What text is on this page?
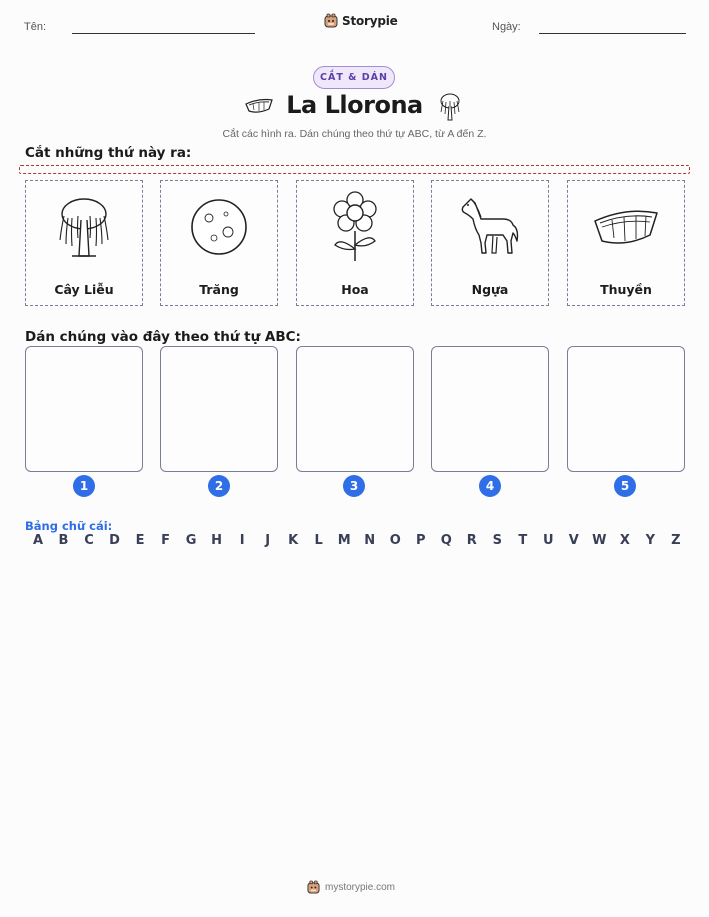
Tên:	Storypie	Ngày:
CẮT & DÁN
La Llorona
Cắt các hình ra. Dán chúng theo thứ tự ABC, từ A đến Z.
Cắt những thứ này ra:
Cây Liễu	Trăng	Hoa	Ngựa	Thuyền
Dán chúng vào đây theo thứ tự ABC:
1	2	3	4	5
Bảng chữ cái:
A B C D E F G H	I	J	K L M N O P Q R S T U V W X Y Z
mystorypie.com
